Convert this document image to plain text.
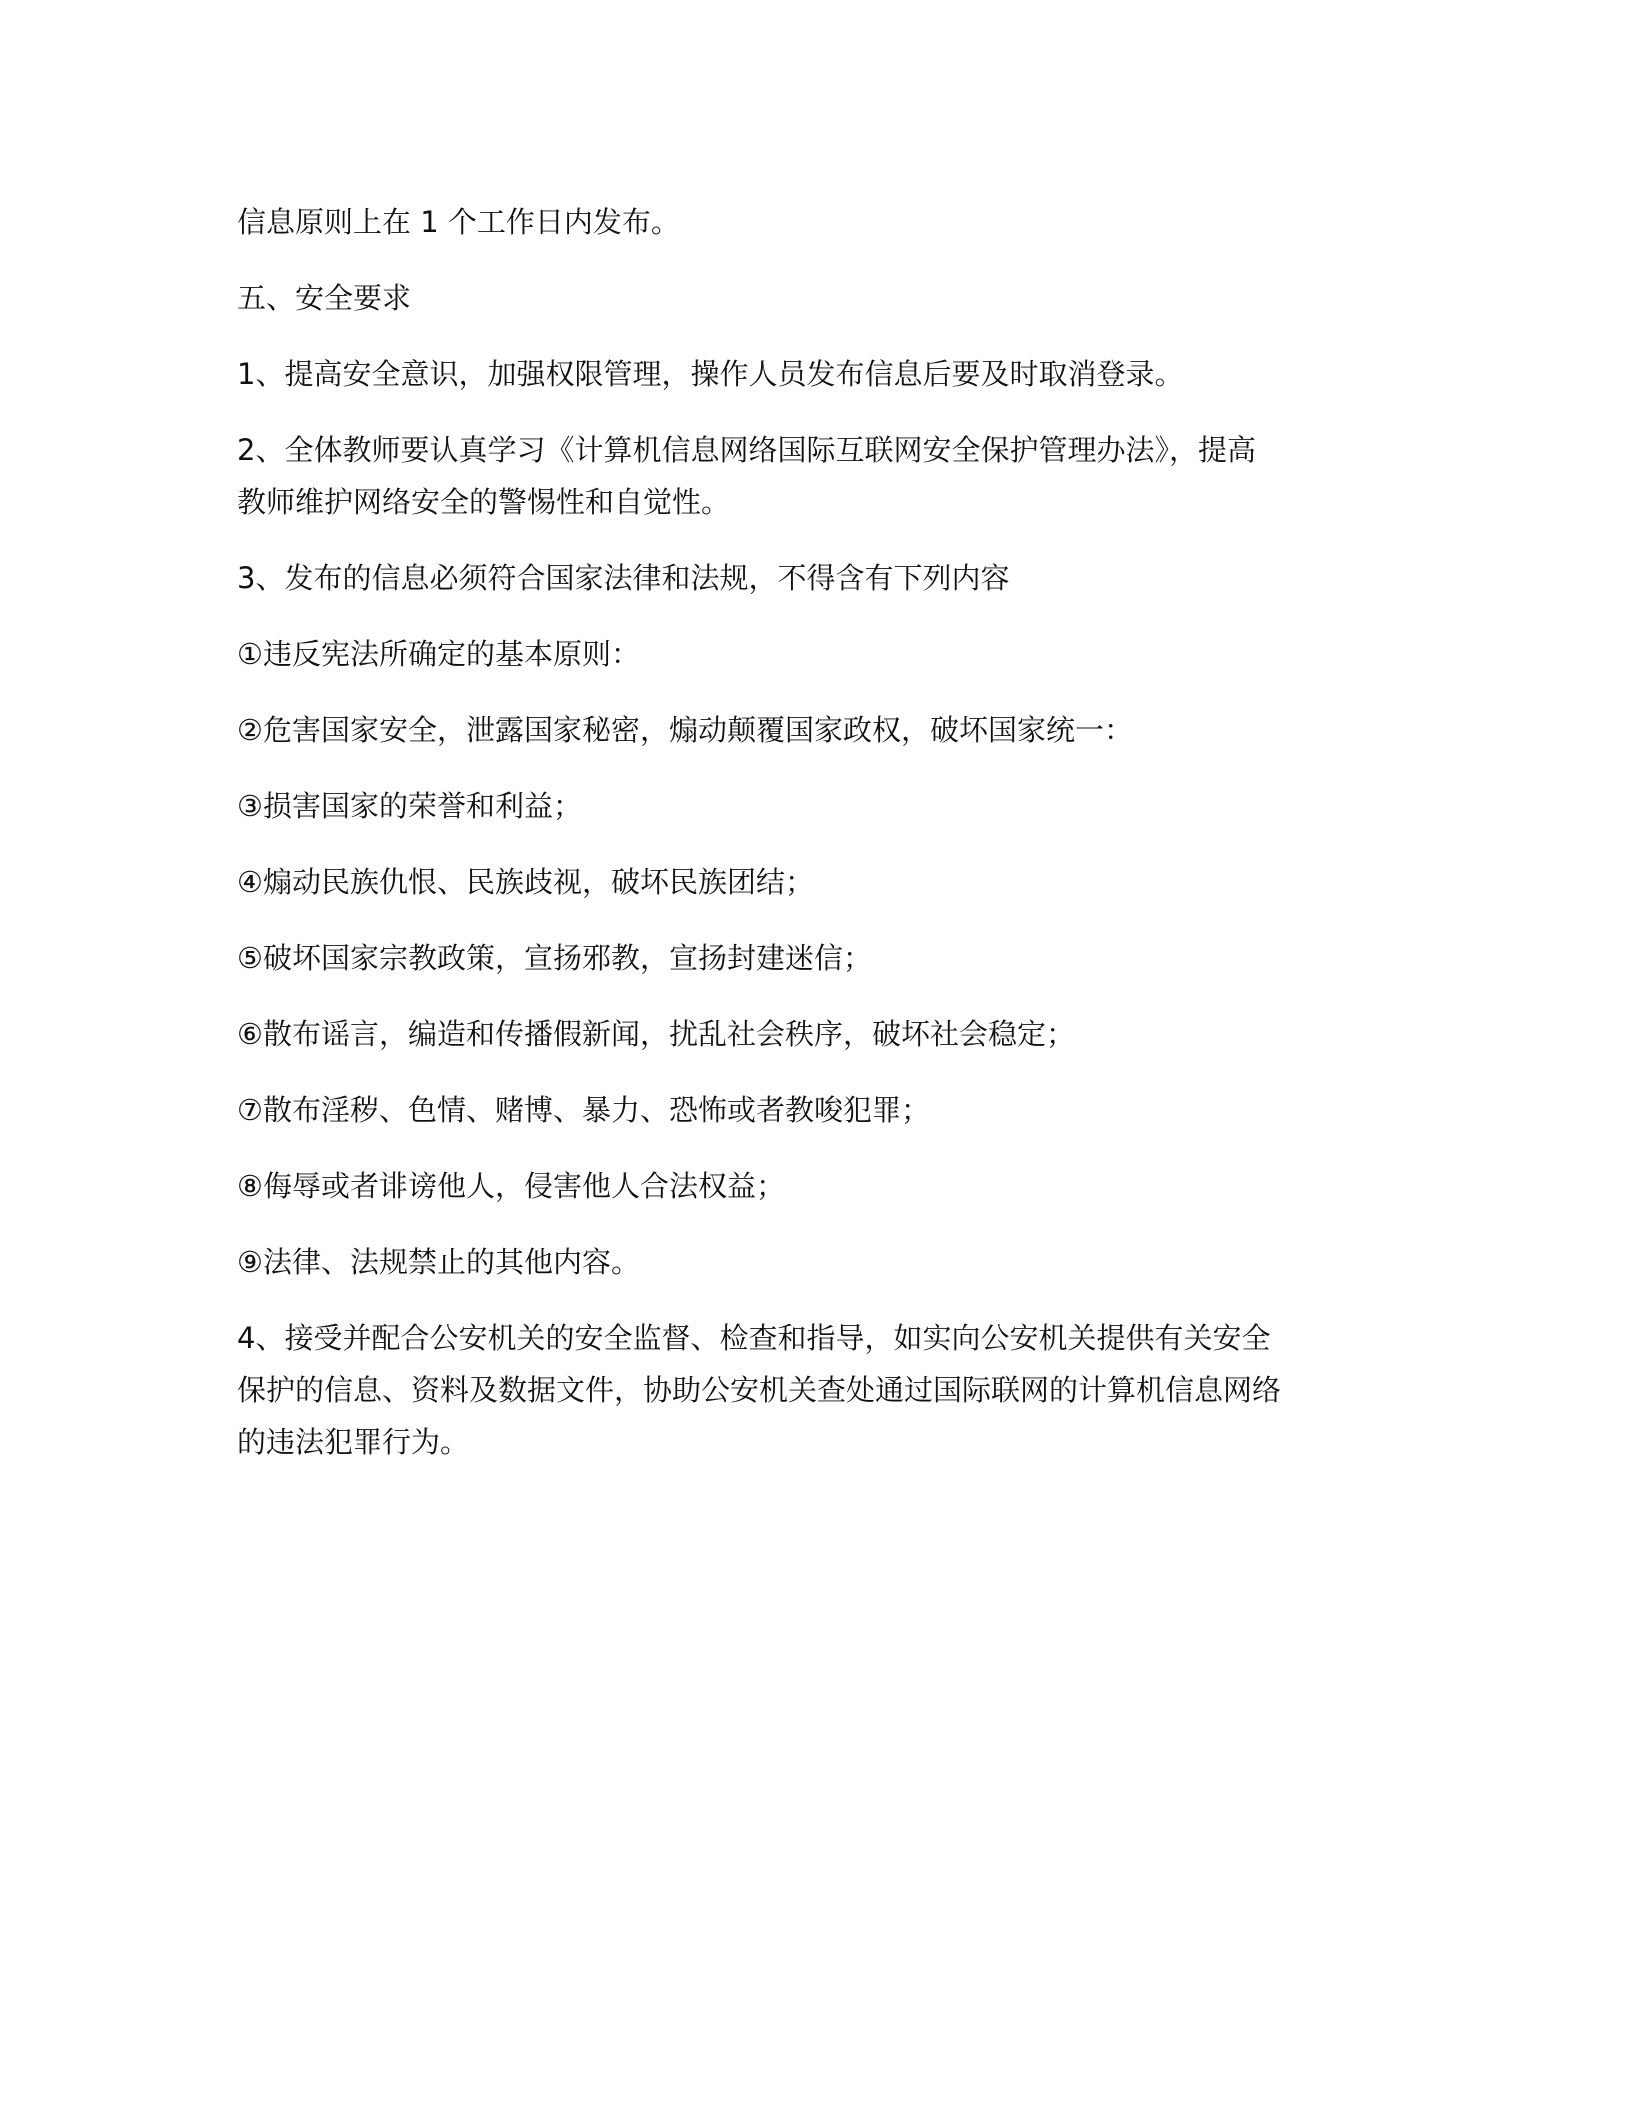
信息原则上在 1 个工作日内发布。

五、安全要求

1、提高安全意识，加强权限管理，操作人员发布信息后要及时取消登录。

2、全体教师要认真学习《计算机信息网络国际互联网安全保护管理办法》，提高
教师维护网络安全的警惕性和自觉性。

3、发布的信息必须符合国家法律和法规，不得含有下列内容

①违反宪法所确定的基本原则：

②危害国家安全，泄露国家秘密，煽动颠覆国家政权，破坏国家统一：

③损害国家的荣誉和利益；

④煽动民族仇恨、民族歧视，破坏民族团结；

⑤破坏国家宗教政策，宣扬邪教，宣扬封建迷信；

⑥散布谣言，编造和传播假新闻，扰乱社会秩序，破坏社会稳定；

⑦散布淫秽、色情、赌博、暴力、恐怖或者教唆犯罪；

⑧侮辱或者诽谤他人，侵害他人合法权益；

⑨法律、法规禁止的其他内容。

4、接受并配合公安机关的安全监督、检查和指导，如实向公安机关提供有关安全
保护的信息、资料及数据文件，协助公安机关查处通过国际联网的计算机信息网络
的违法犯罪行为。
